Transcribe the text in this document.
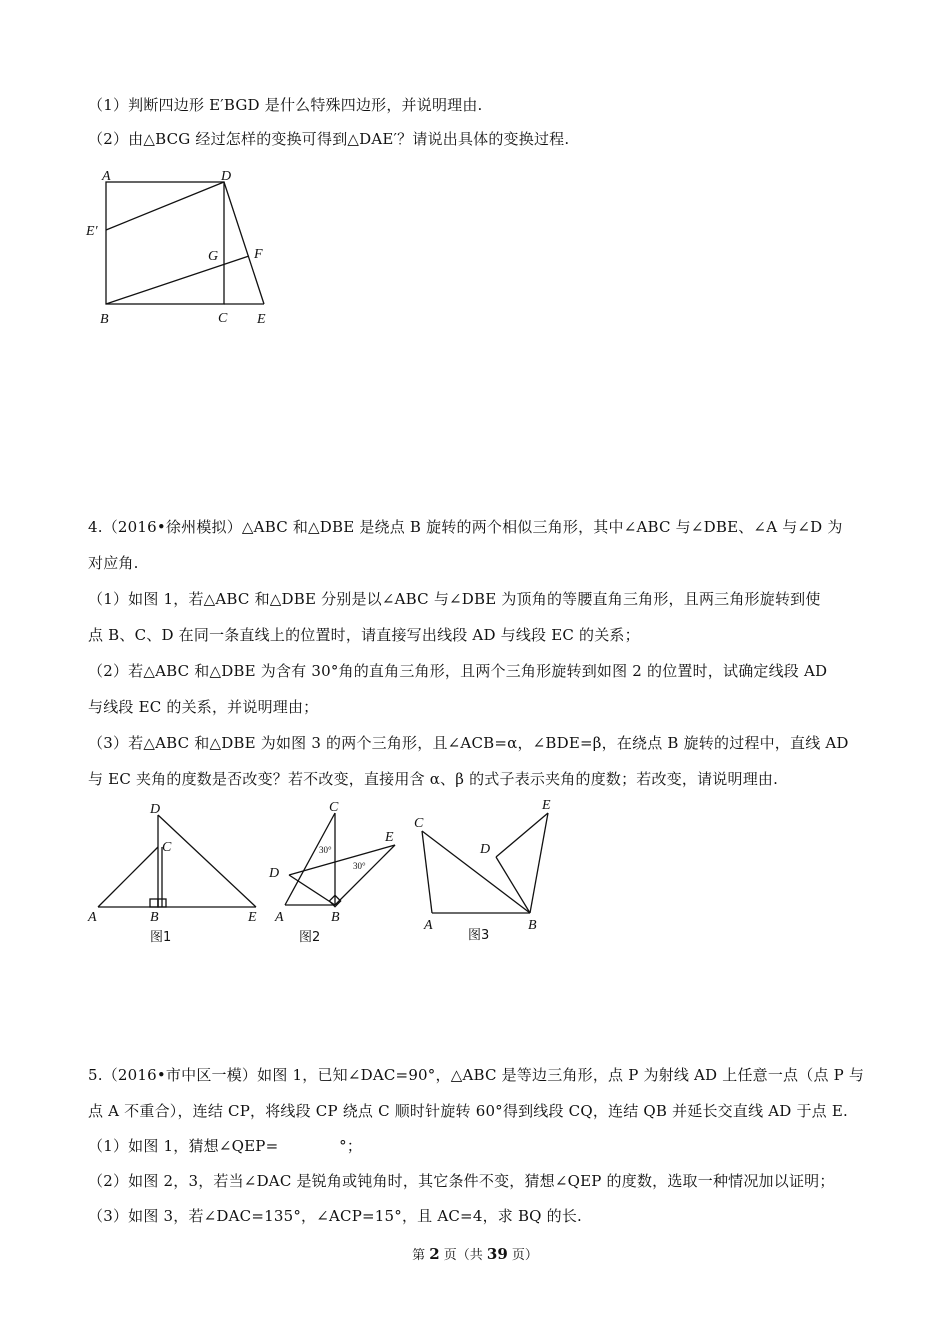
（1）判断四边形 E′BGD 是什么特殊四边形，并说明理由.
（2）由△BCG 经过怎样的变换可得到△DAE′？请说出具体的变换过程.
A	D
E′
G	F
B	C E
4.（2016•徐州模拟）△ABC 和△DBE 是绕点 B 旋转的两个相似三角形，其中∠ABC 与∠DBE、∠A 与∠D 为
对应角.
（1）如图 1，若△ABC 和△DBE 分别是以∠ABC 与∠DBE 为顶角的等腰直角三角形，且两三角形旋转到使
点 B、C、D 在同一条直线上的位置时，请直接写出线段 AD 与线段 EC 的关系；
（2）若△ABC 和△DBE 为含有 30°角的直角三角形，且两个三角形旋转到如图 2 的位置时，试确定线段 AD
与线段 EC 的关系，并说明理由；
（3）若△ABC 和△DBE 为如图 3 的两个三角形，且∠ACB=α，∠BDE=β，在绕点 B 旋转的过程中，直线 AD
与 EC 夹角的度数是否改变？若不改变，直接用含 α、β 的式子表示夹角的度数；若改变，请说明理由.
D
C
A	B	E
图1
C
E
D
A	B
30°
30°
图2
C
E
D
A	B
图3
5.（2016•市中区一模）如图 1，已知∠DAC=90°，△ABC 是等边三角形，点 P 为射线 AD 上任意一点（点 P 与
点 A 不重合），连结 CP，将线段 CP 绕点 C 顺时针旋转 60°得到线段 CQ，连结 QB 并延长交直线 AD 于点 E.
（1）如图 1，猜想∠QEP=　　　　°；
（2）如图 2，3，若当∠DAC 是锐角或钝角时，其它条件不变，猜想∠QEP 的度数，选取一种情况加以证明；
（3）如图 3，若∠DAC=135°，∠ACP=15°，且 AC=4，求 BQ 的长.
第 2 页（共 39 页）
